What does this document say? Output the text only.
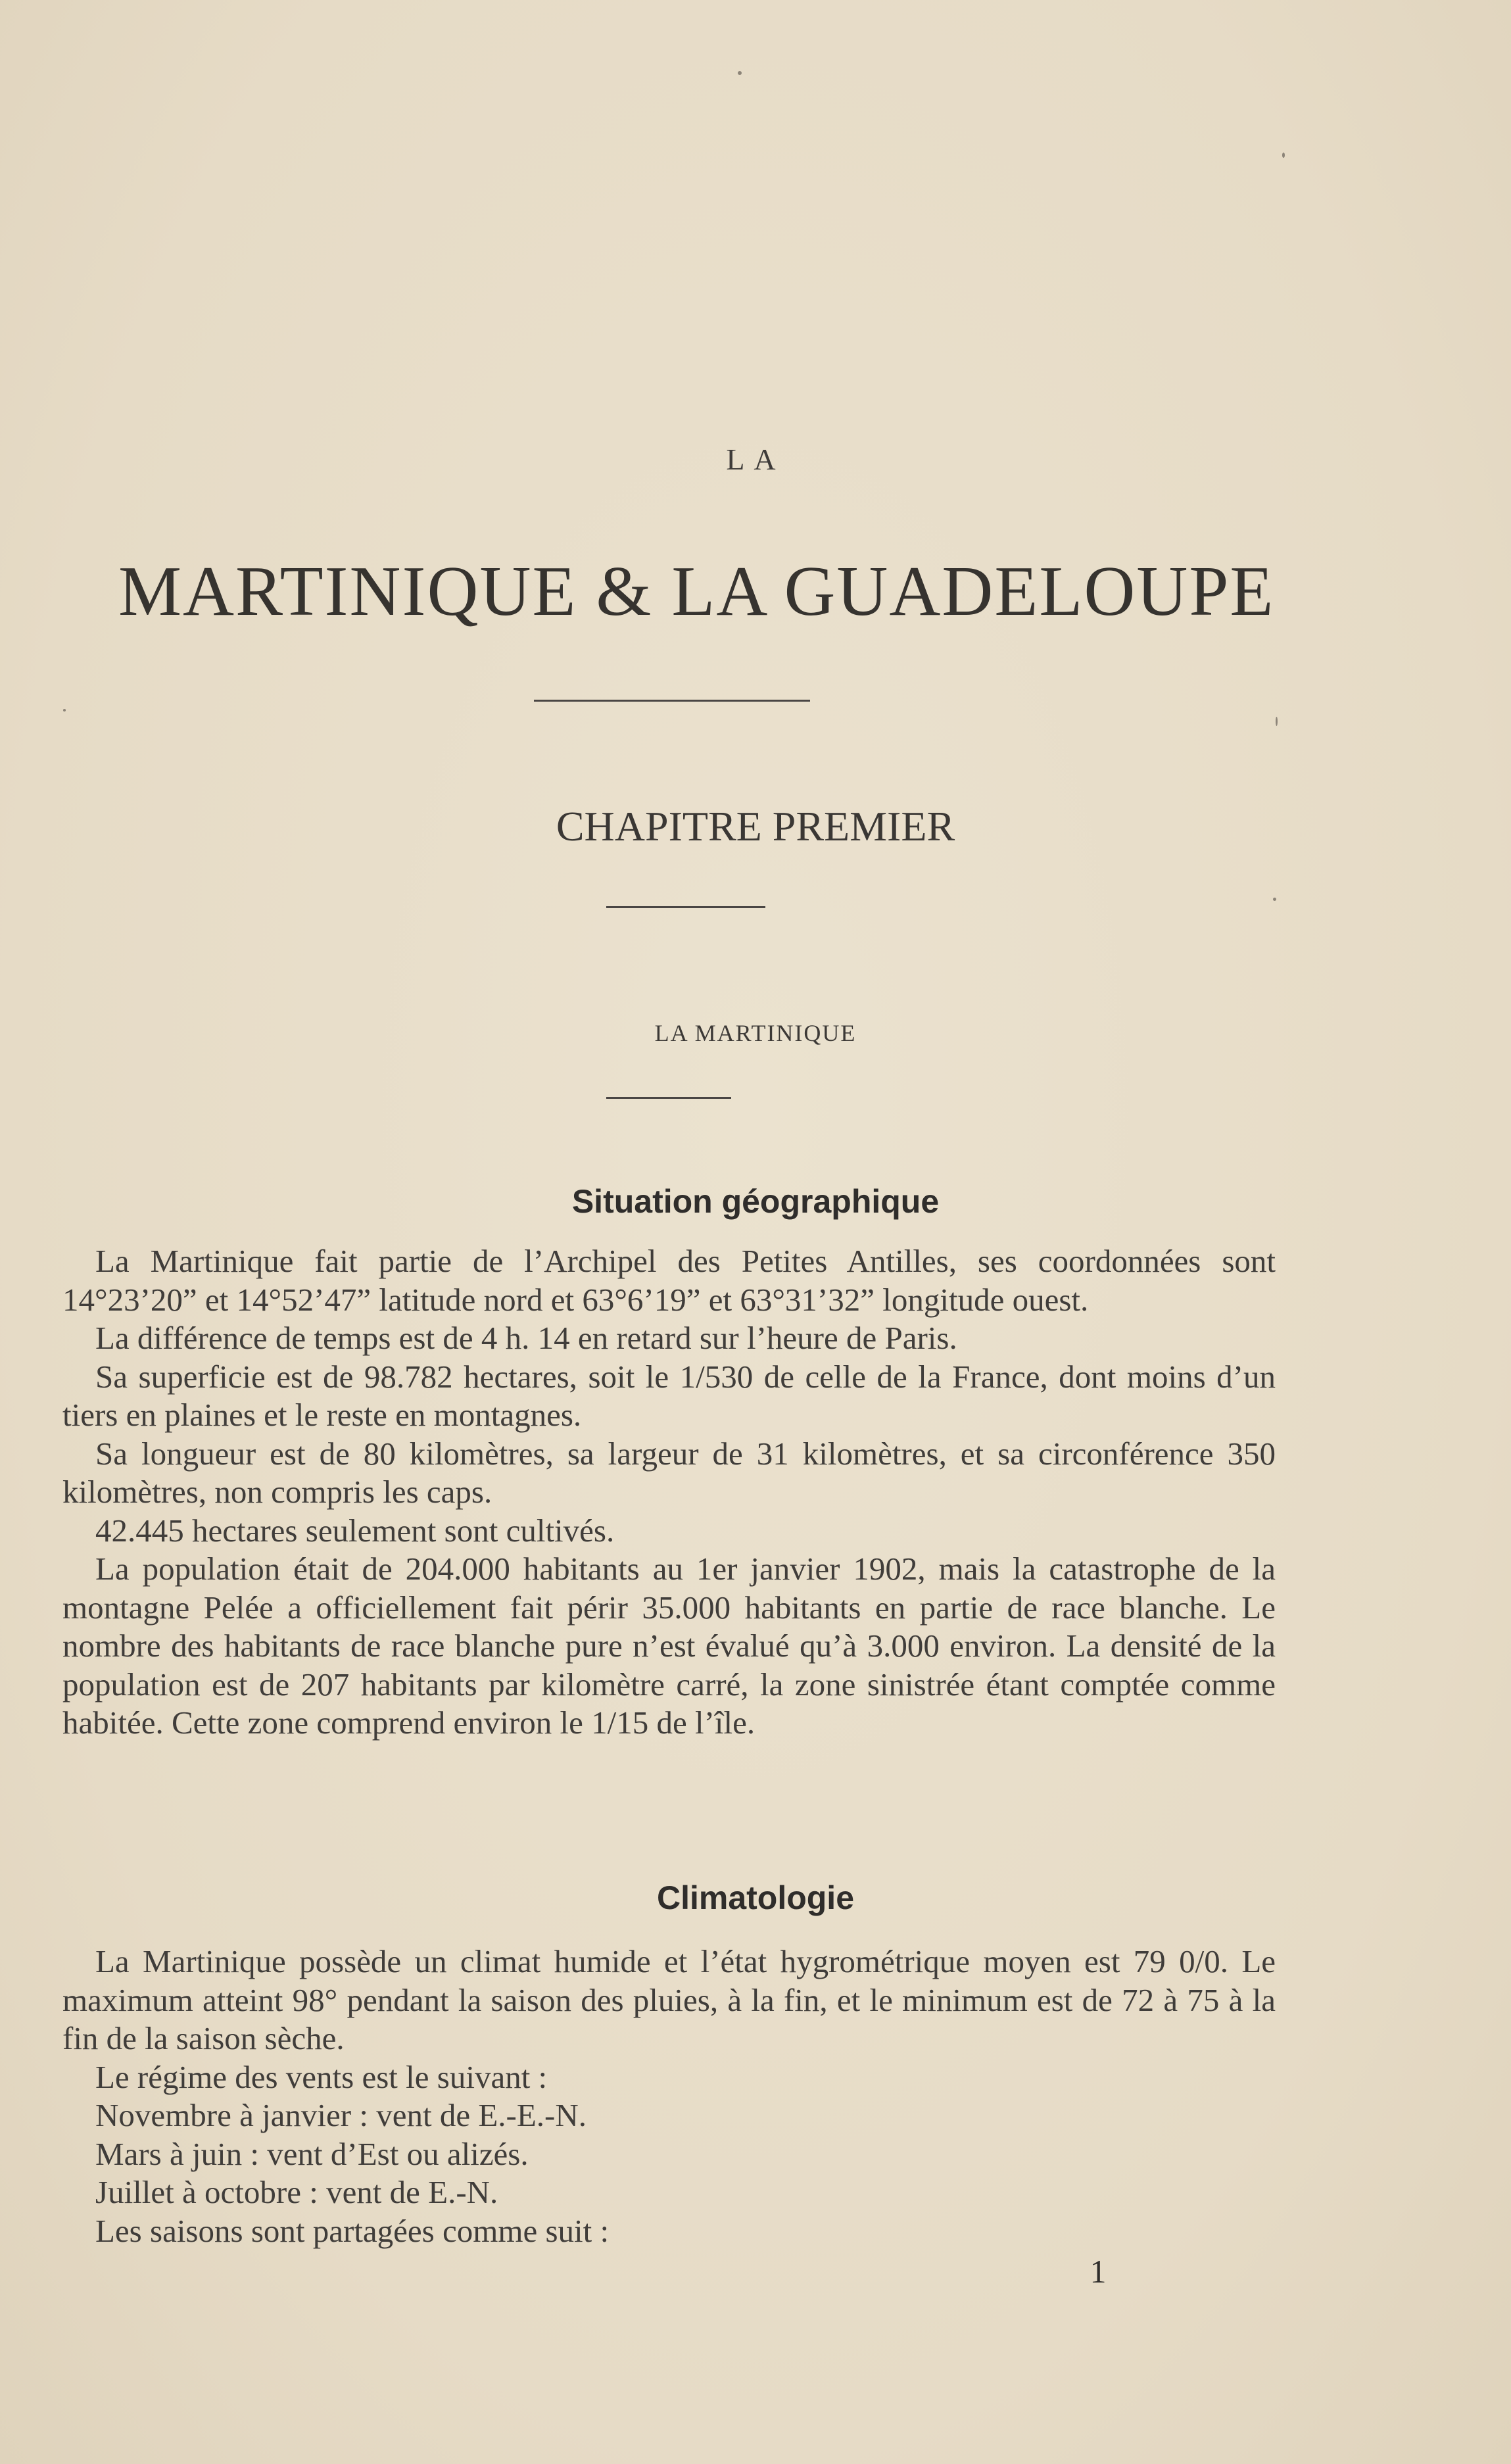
LA
MARTINIQUE & LA GUADELOUPE
CHAPITRE PREMIER
LA MARTINIQUE
Situation géographique

La Martinique fait partie de l’Archipel des Petites Antilles, ses coordonnées sont 14°23’20” et 14°52’47” latitude nord et 63°6’19” et 63°31’32” longitude ouest.

La différence de temps est de 4 h. 14 en retard sur l’heure de Paris.

Sa superficie est de 98.782 hectares, soit le 1/530 de celle de la France, dont moins d’un tiers en plaines et le reste en montagnes.

Sa longueur est de 80 kilomètres, sa largeur de 31 kilomètres, et sa circonférence 350 kilomètres, non compris les caps.

42.445 hectares seulement sont cultivés.

La population était de 204.000 habitants au 1er janvier 1902, mais la catastrophe de la montagne Pelée a officiellement fait périr 35.000 habitants en partie de race blanche. Le nombre des habitants de race blanche pure n’est évalué qu’à 3.000 environ. La densité de la population est de 207 habitants par kilomètre carré, la zone sinistrée étant comptée comme habitée. Cette zone comprend environ le 1/15 de l’île.

Climatologie

La Martinique possède un climat humide et l’état hygrométrique moyen est 79 0/0. Le maximum atteint 98° pendant la saison des pluies, à la fin, et le minimum est de 72 à 75 à la fin de la saison sèche.

Le régime des vents est le suivant :

Novembre à janvier : vent de E.-E.-N.

Mars à juin : vent d’Est ou alizés.

Juillet à octobre : vent de E.-N.

Les saisons sont partagées comme suit :

1
